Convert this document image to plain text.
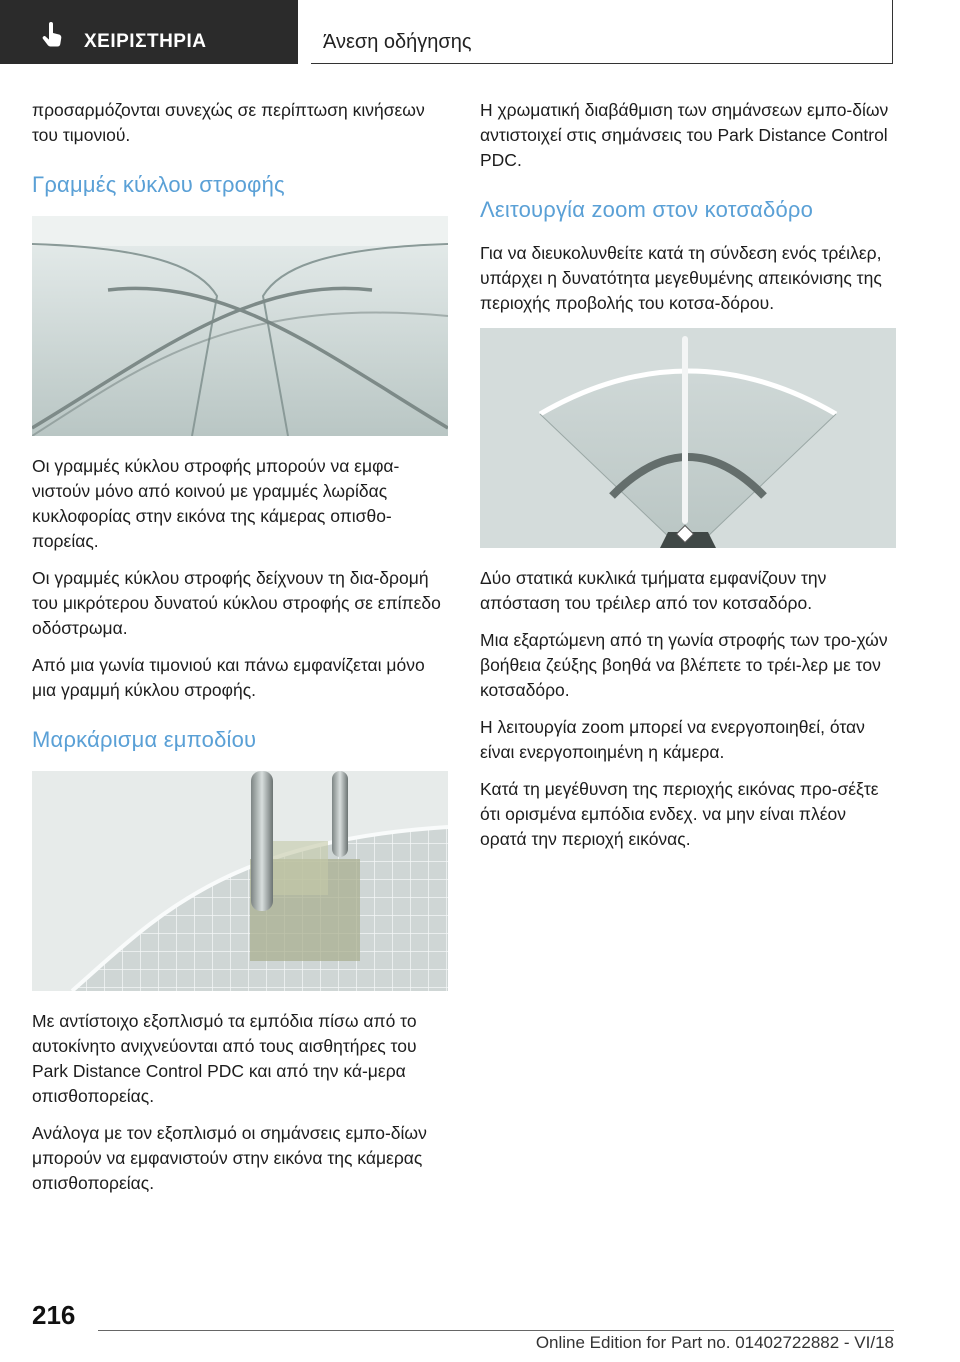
ΧΕΙΡΙΣΤΗΡΙΑ	Άνεση οδήγησης

προσαρμόζονται συνεχώς σε περίπτωση κινήσεων του τιμονιού.

Γραμμές κύκλου στροφής

Οι γραμμές κύκλου στροφής μπορούν να εμφα‐νιστούν μόνο από κοινού με γραμμές λωρίδας κυκλοφορίας στην εικόνα της κάμερας οπισθο‐πορείας.

Οι γραμμές κύκλου στροφής δείχνουν τη δια‐δρομή του μικρότερου δυνατού κύκλου στροφής σε επίπεδο οδόστρωμα.

Από μια γωνία τιμονιού και πάνω εμφανίζεται μόνο μια γραμμή κύκλου στροφής.

Μαρκάρισμα εμποδίου

Με αντίστοιχο εξοπλισμό τα εμπόδια πίσω από το αυτοκίνητο ανιχνεύονται από τους αισθητήρες του Park Distance Control PDC και από την κά‐μερα οπισθοπορείας.

Ανάλογα με τον εξοπλισμό οι σημάνσεις εμπο‐δίων μπορούν να εμφανιστούν στην εικόνα της κάμερας οπισθοπορείας.

Η χρωματική διαβάθμιση των σημάνσεων εμπο‐δίων αντιστοιχεί στις σημάνσεις του Park Distance Control PDC.

Λειτουργία zoom στον κοτσαδόρο

Για να διευκολυνθείτε κατά τη σύνδεση ενός τρέιλερ, υπάρχει η δυνατότητα μεγεθυμένης απεικόνισης της περιοχής προβολής του κοτσα‐δόρου.

Δύο στατικά κυκλικά τμήματα εμφανίζουν την απόσταση του τρέιλερ από τον κοτσαδόρο.

Μια εξαρτώμενη από τη γωνία στροφής των τρο‐χών βοήθεια ζεύξης βοηθά να βλέπετε το τρέι‐λερ με τον κοτσαδόρο.

Η λειτουργία zoom μπορεί να ενεργοποιηθεί, όταν είναι ενεργοποιημένη η κάμερα.

Κατά τη μεγέθυνση της περιοχής εικόνας προ‐σέξτε ότι ορισμένα εμπόδια ενδεχ. να μην είναι πλέον ορατά την περιοχή εικόνας.

216
Online Edition for Part no. 01402722882 - VI/18
